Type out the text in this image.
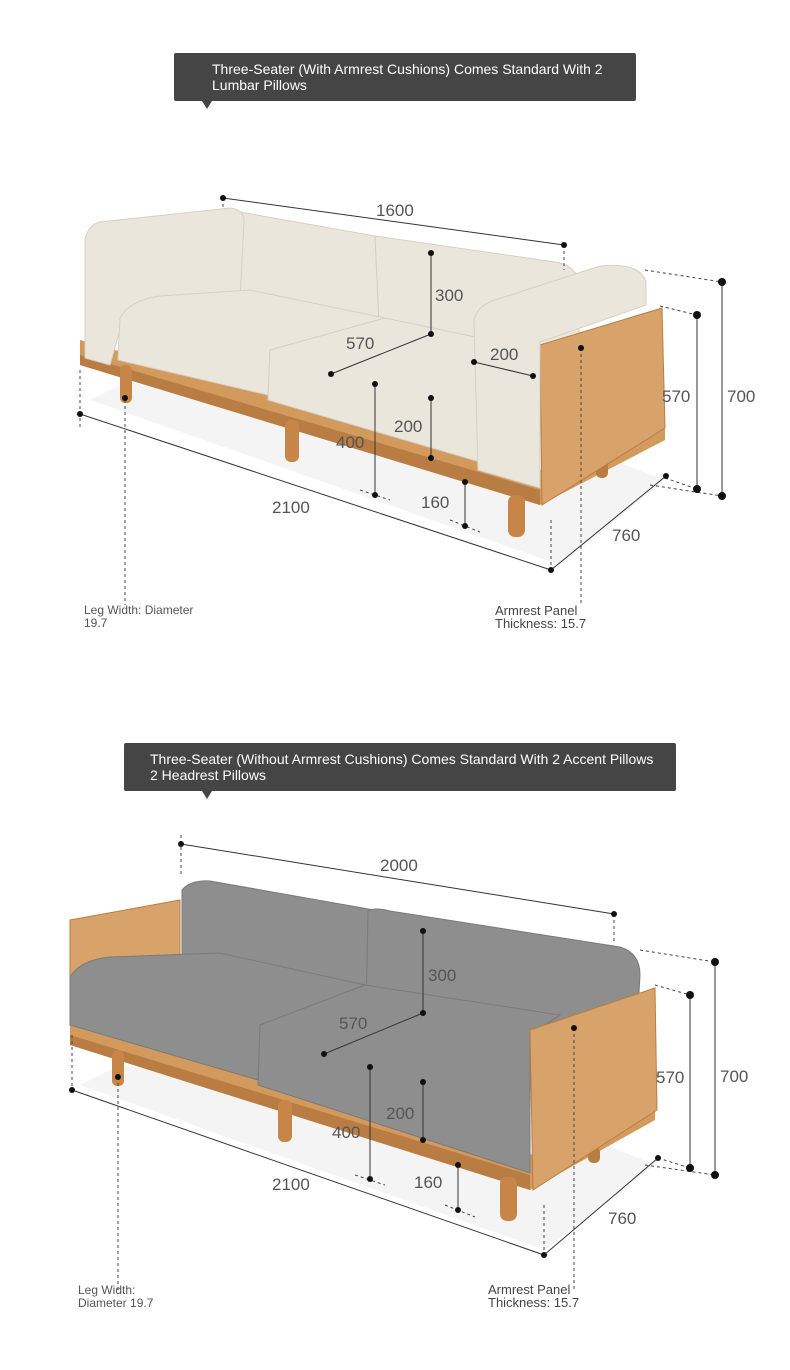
Three-Seater (With Armrest Cushions) Comes Standard With 2 Lumbar Pillows
1600
300
570
200
700
570
400
200
160
2100
760
Leg Width: Diameter 19.7
Armrest Panel Thickness: 15.7
Three-Seater (Without Armrest Cushions) Comes Standard With 2 Accent Pillows 2 Headrest Pillows
2000
300
570
700
570
400
200
160
2100
760
Leg Width: Diameter 19.7
Armrest Panel Thickness: 15.7
